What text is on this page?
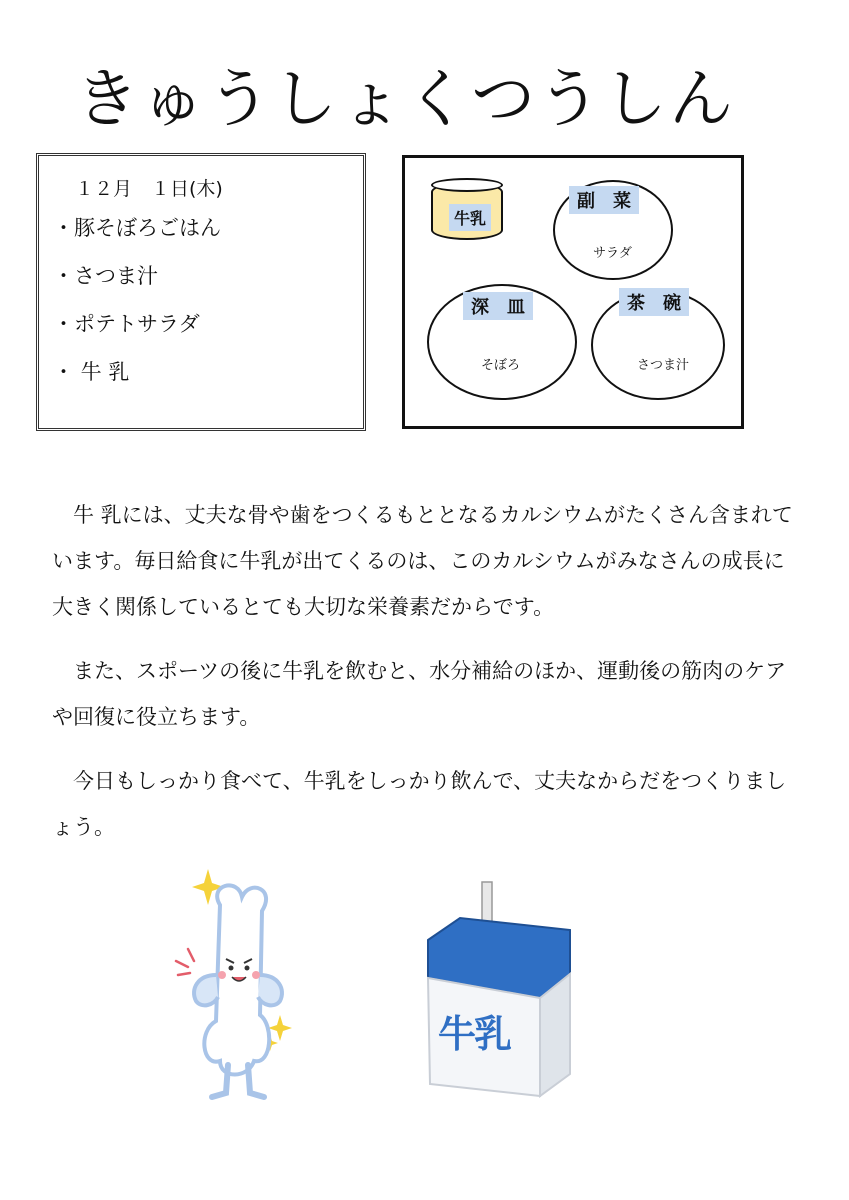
きゅうしょくつうしん
１２月　１日(木)
・豚そぼろごはん
・さつま汁
・ポテトサラダ
・ 牛 乳
牛乳
副　菜
サラダ
深　皿
そぼろ
茶　碗
さつま汁

　牛 乳には、丈夫な骨や歯をつくるもととなるカルシウムがたくさん含まれています。毎日給食に牛乳が出てくるのは、このカルシウムがみなさんの成長に大きく関係しているとても大切な栄養素だからです。

　また、スポーツの後に牛乳を飲むと、水分補給のほか、運動後の筋肉のケアや回復に役立ちます。

　今日もしっかり食べて、牛乳をしっかり飲んで、丈夫なからだをつくりましょう。

牛乳
